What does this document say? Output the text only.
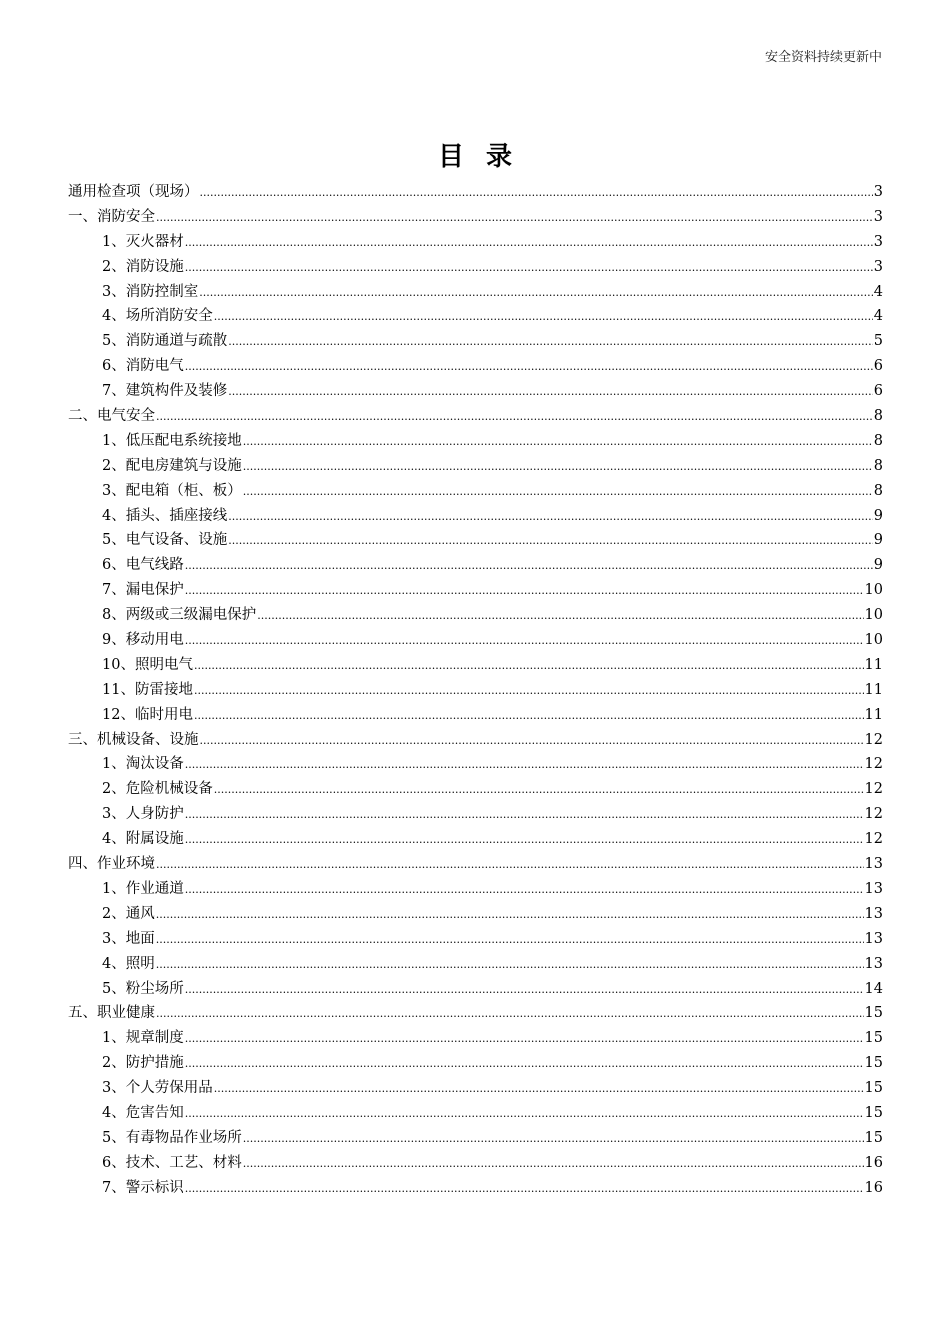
安全资料持续更新中
目录
通用检查项（现场） .....	3
一、消防安全 .....	3
1、灭火器材 .....	3
2、消防设施 .....	3
3、消防控制室 .....	4
4、场所消防安全 .....	4
5、消防通道与疏散 .....	5
6、消防电气 .....	6
7、建筑构件及装修 .....	6
二、电气安全 .....	8
1、低压配电系统接地 .....	8
2、配电房建筑与设施 .....	8
3、配电箱（柜、板） .....	8
4、插头、插座接线 .....	9
5、电气设备、设施 .....	9
6、电气线路 .....	9
7、漏电保护 .....	10
8、两级或三级漏电保护 .....	10
9、移动用电 .....	10
10、照明电气 .....	11
11、防雷接地 .....	11
12、临时用电 .....	11
三、机械设备、设施 .....	12
1、淘汰设备 .....	12
2、危险机械设备 .....	12
3、人身防护 .....	12
4、附属设施 .....	12
四、作业环境 .....	13
1、作业通道 .....	13
2、通风 .....	13
3、地面 .....	13
4、照明 .....	13
5、粉尘场所 .....	14
五、职业健康 .....	15
1、规章制度 .....	15
2、防护措施 .....	15
3、个人劳保用品 .....	15
4、危害告知 .....	15
5、有毒物品作业场所 .....	15
6、技术、工艺、材料 .....	16
7、警示标识 .....	16
